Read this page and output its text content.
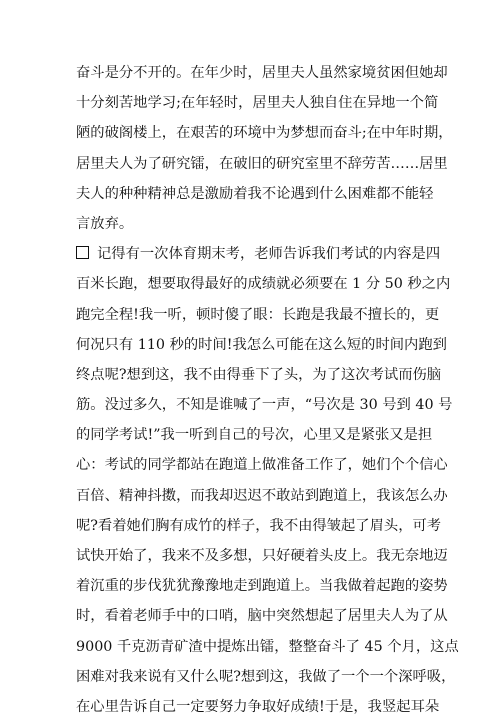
奋斗是分不开的。在年少时，居里夫人虽然家境贫困但她却
十分刻苦地学习;在年轻时，居里夫人独自住在异地一个简
陋的破阁楼上，在艰苦的环境中为梦想而奋斗;在中年时期，
居里夫人为了研究镭，在破旧的研究室里不辞劳苦……居里
夫人的种种精神总是激励着我不论遇到什么困难都不能轻
言放弃。
记得有一次体育期末考，老师告诉我们考试的内容是四
百米长跑，想要取得最好的成绩就必须要在 1 分 50 秒之内
跑完全程!我一听，顿时傻了眼：长跑是我最不擅长的，更
何况只有 110 秒的时间!我怎么可能在这么短的时间内跑到
终点呢?想到这，我不由得垂下了头，为了这次考试而伤脑
筋。没过多久，不知是谁喊了一声，“号次是 30 号到 40 号
的同学考试!”我一听到自己的号次，心里又是紧张又是担
心：考试的同学都站在跑道上做准备工作了，她们个个信心
百倍、精神抖擞，而我却迟迟不敢站到跑道上，我该怎么办
呢?看着她们胸有成竹的样子，我不由得皱起了眉头，可考
试快开始了，我来不及多想，只好硬着头皮上。我无奈地迈
着沉重的步伐犹犹豫豫地走到跑道上。当我做着起跑的姿势
时，看着老师手中的口哨，脑中突然想起了居里夫人为了从
9000 千克沥青矿渣中提炼出镭，整整奋斗了 45 个月，这点
困难对我来说有又什么呢?想到这，我做了一个一个深呼吸，
在心里告诉自己一定要努力争取好成绩!于是，我竖起耳朵
